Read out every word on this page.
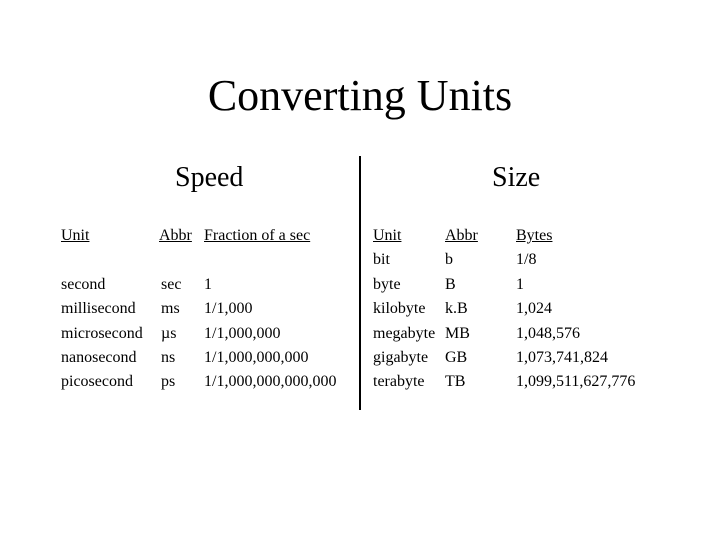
Converting Units
Speed	Size
Unit
second
millisecond
microsecond
nanosecond
picosecond
Abbr
sec
ms
µs
ns
ps
Fraction of a sec
1
1/1,000
1/1,000,000
1/1,000,000,000
1/1,000,000,000,000
Unit
bit
byte
kilobyte
megabyte
gigabyte
terabyte
Abbr
b
B
k.B
MB
GB
TB
Bytes
1/8
1
1,024
1,048,576
1,073,741,824
1,099,511,627,776
